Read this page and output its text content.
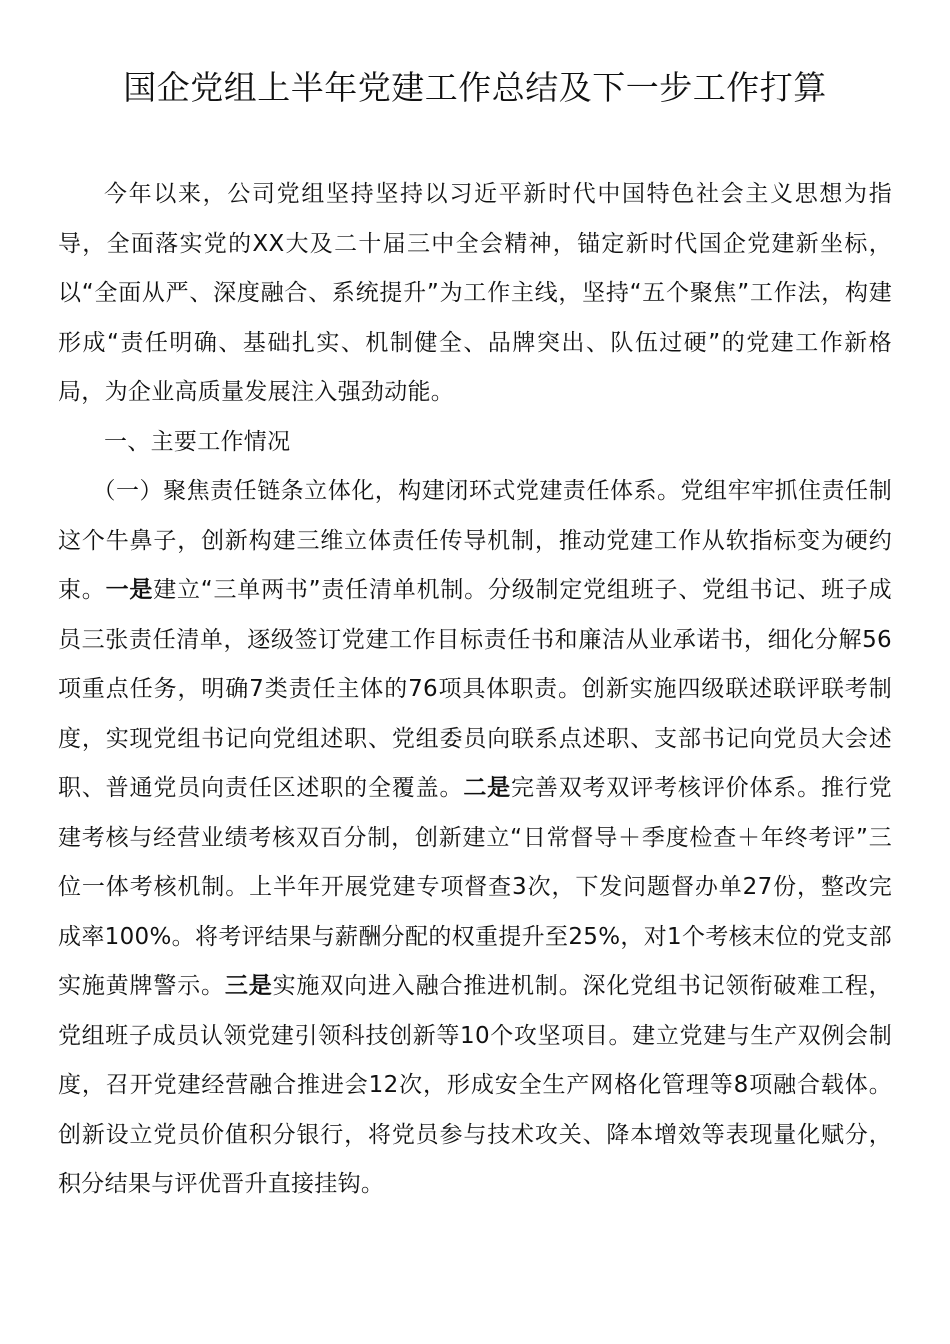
国企党组上半年党建工作总结及下一步工作打算

今年以来，公司党组坚持坚持以习近平新时代中国特色社会主义思想为指导，全面落实党的XX大及二十届三中全会精神，锚定新时代国企党建新坐标，以“全面从严、深度融合、系统提升”为工作主线，坚持“五个聚焦”工作法，构建形成“责任明确、基础扎实、机制健全、品牌突出、队伍过硬”的党建工作新格局，为企业高质量发展注入强劲动能。

一、主要工作情况

（一）聚焦责任链条立体化，构建闭环式党建责任体系。党组牢牢抓住责任制这个牛鼻子，创新构建三维立体责任传导机制，推动党建工作从软指标变为硬约束。一是建立“三单两书”责任清单机制。分级制定党组班子、党组书记、班子成员三张责任清单，逐级签订党建工作目标责任书和廉洁从业承诺书，细化分解56项重点任务，明确7类责任主体的76项具体职责。创新实施四级联述联评联考制度，实现党组书记向党组述职、党组委员向联系点述职、支部书记向党员大会述职、普通党员向责任区述职的全覆盖。二是完善双考双评考核评价体系。推行党建考核与经营业绩考核双百分制，创新建立“日常督导＋季度检查＋年终考评”三位一体考核机制。上半年开展党建专项督查3次，下发问题督办单27份，整改完成率100%。将考评结果与薪酬分配的权重提升至25%，对1个考核末位的党支部实施黄牌警示。三是实施双向进入融合推进机制。深化党组书记领衔破难工程，党组班子成员认领党建引领科技创新等10个攻坚项目。建立党建与生产双例会制度，召开党建经营融合推进会12次，形成安全生产网格化管理等8项融合载体。创新设立党员价值积分银行，将党员参与技术攻关、降本增效等表现量化赋分，积分结果与评优晋升直接挂钩。
